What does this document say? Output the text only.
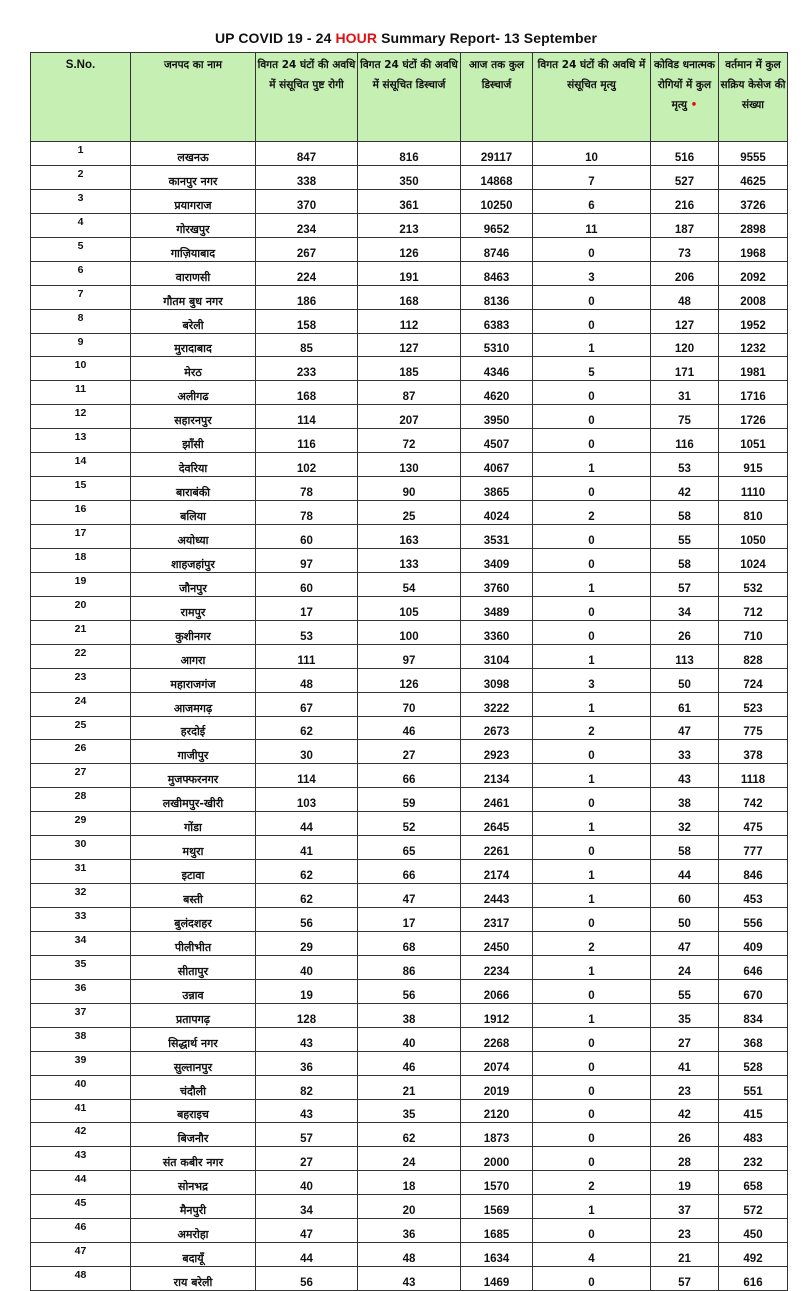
UP COVID 19 - 24 HOUR Summary Report- 13 September
S.No.	जनपद का नाम	विगत 24 घंटों की अवधि में संसूचित पुष्ट रोगी	विगत 24 घंटों की अवधि में संसूचित डिस्चार्ज	आज तक कुल डिस्चार्ज	विगत 24 घंटों की अवधि में संसूचित मृत्यु	कोविड धनात्मक रोगियों में कुल मृत्यु •	वर्तमान में कुल सक्रिय केसेज की संख्या
1	लखनऊ	847	816	29117	10	516	9555
2	कानपुर नगर	338	350	14868	7	527	4625
3	प्रयागराज	370	361	10250	6	216	3726
4	गोरखपुर	234	213	9652	11	187	2898
5	गाज़ियाबाद	267	126	8746	0	73	1968
6	वाराणसी	224	191	8463	3	206	2092
7	गौतम बुध नगर	186	168	8136	0	48	2008
8	बरेली	158	112	6383	0	127	1952
9	मुरादाबाद	85	127	5310	1	120	1232
10	मेरठ	233	185	4346	5	171	1981
11	अलीगढ	168	87	4620	0	31	1716
12	सहारनपुर	114	207	3950	0	75	1726
13	झाँसी	116	72	4507	0	116	1051
14	देवरिया	102	130	4067	1	53	915
15	बाराबंकी	78	90	3865	0	42	1110
16	बलिया	78	25	4024	2	58	810
17	अयोध्या	60	163	3531	0	55	1050
18	शाहजहांपुर	97	133	3409	0	58	1024
19	जौनपुर	60	54	3760	1	57	532
20	रामपुर	17	105	3489	0	34	712
21	कुशीनगर	53	100	3360	0	26	710
22	आगरा	111	97	3104	1	113	828
23	महाराजगंज	48	126	3098	3	50	724
24	आजमगढ़	67	70	3222	1	61	523
25	हरदोई	62	46	2673	2	47	775
26	गाजीपुर	30	27	2923	0	33	378
27	मुजफ्फरनगर	114	66	2134	1	43	1118
28	लखीमपुर-खीरी	103	59	2461	0	38	742
29	गोंडा	44	52	2645	1	32	475
30	मथुरा	41	65	2261	0	58	777
31	इटावा	62	66	2174	1	44	846
32	बस्ती	62	47	2443	1	60	453
33	बुलंदशहर	56	17	2317	0	50	556
34	पीलीभीत	29	68	2450	2	47	409
35	सीतापुर	40	86	2234	1	24	646
36	उन्नाव	19	56	2066	0	55	670
37	प्रतापगढ़	128	38	1912	1	35	834
38	सिद्धार्थ नगर	43	40	2268	0	27	368
39	सुल्तानपुर	36	46	2074	0	41	528
40	चंदौली	82	21	2019	0	23	551
41	बहराइच	43	35	2120	0	42	415
42	बिजनौर	57	62	1873	0	26	483
43	संत कबीर नगर	27	24	2000	0	28	232
44	सोनभद्र	40	18	1570	2	19	658
45	मैनपुरी	34	20	1569	1	37	572
46	अमरोहा	47	36	1685	0	23	450
47	बदायूँ	44	48	1634	4	21	492
48	राय बरेली	56	43	1469	0	57	616
